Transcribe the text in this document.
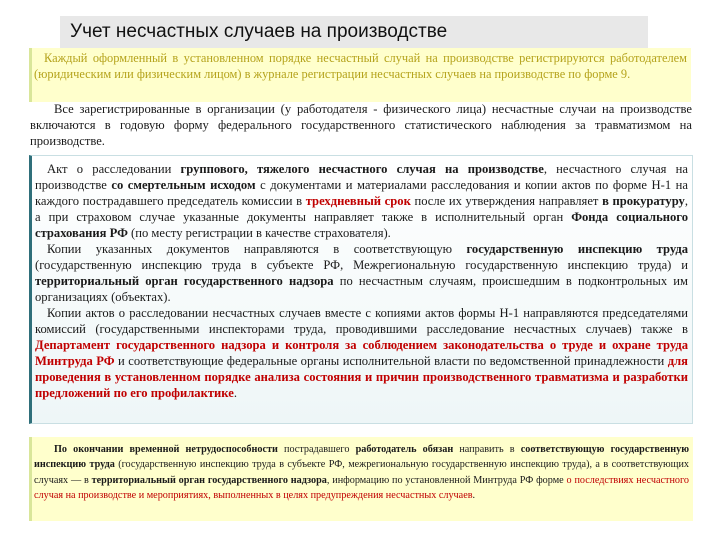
Учет несчастных случаев на производстве
Каждый оформленный в установленном порядке несчастный случай на производстве регистрируются работодателем (юридическим или физическим лицом) в журнале регистрации несчастных случаев на производстве по форме 9.

Все зарегистрированные в организации (у работодателя - физического лица) несчастные случаи на производстве включаются в годовую форму федерального государственного статистического наблюдения за травматизмом на производстве.

Акт о расследовании группового, тяжелого несчастного случая на производстве, несчастного случая на производстве со смертельным исходом с документами и материалами расследования и копии актов по форме Н-1 на каждого пострадавшего председатель комиссии в трехдневный срок после их утверждения направляет в прокуратуру, а при страховом случае указанные документы направляет также в исполнительный орган Фонда социального страхования РФ (по месту регистрации в качестве страхователя).

Копии указанных документов направляются в соответствующую государственную инспекцию труда (государственную инспекцию труда в субъекте РФ, Межрегиональную государственную инспекцию труда) и территориальный орган государственного надзора по несчастным случаям, происшедшим в подконтрольных им организациях (объектах).

Копии актов о расследовании несчастных случаев вместе с копиями актов формы Н-1 направляются председателями комиссий (государственными инспекторами труда, проводившими расследование несчастных случаев) также в Департамент государственного надзора и контроля за соблюдением законодательства о труде и охране труда Минтруда РФ и соответствующие федеральные органы исполнительной власти по ведомственной принадлежности для проведения в установленном порядке анализа состояния и причин производственного травматизма и разработки предложений по его профилактике.

По окончании временной нетрудоспособности пострадавшего работодатель обязан направить в соответствующую государственную инспекцию труда (государственную инспекцию труда в субъекте РФ, межрегиональную государственную инспекцию труда), а в соответствующих случаях — в территориальный орган государственного надзора, информацию по установленной Минтруда РФ форме о последствиях несчастного случая на производстве и мероприятиях, выполненных в целях предупреждения несчастных случаев.
